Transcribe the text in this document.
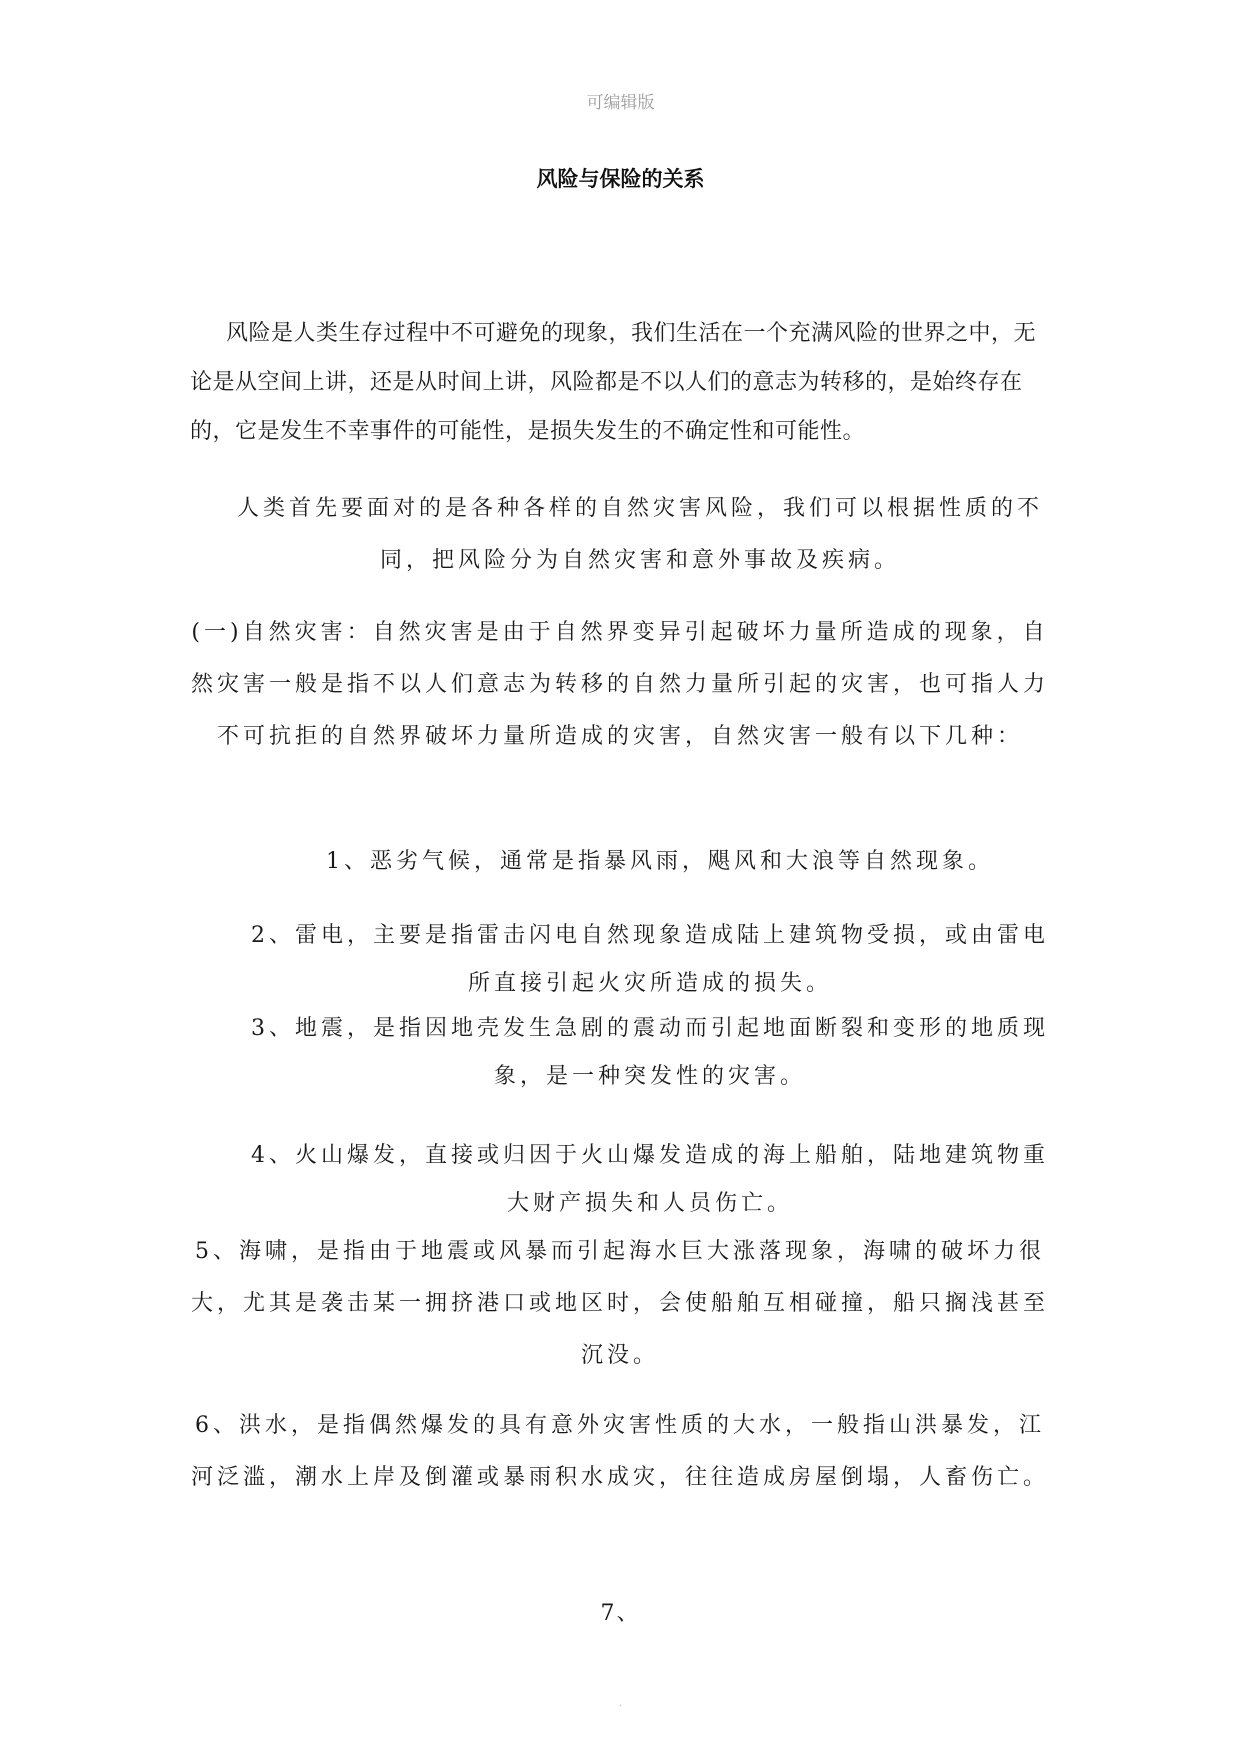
可编辑版
风险与保险的关系

风险是人类生存过程中不可避免的现象，我们生活在一个充满风险的世界之中，无论是从空间上讲，还是从时间上讲，风险都是不以人们的意志为转移的，是始终存在的，它是发生不幸事件的可能性，是损失发生的不确定性和可能性。

人类首先要面对的是各种各样的自然灾害风险，我们可以根据性质的不同，把风险分为自然灾害和意外事故及疾病。

(一)自然灾害：自然灾害是由于自然界变异引起破坏力量所造成的现象，自然灾害一般是指不以人们意志为转移的自然力量所引起的灾害，也可指人力不可抗拒的自然界破坏力量所造成的灾害，自然灾害一般有以下几种：

1、恶劣气候，通常是指暴风雨，飓风和大浪等自然现象。

2、雷电，主要是指雷击闪电自然现象造成陆上建筑物受损，或由雷电所直接引起火灾所造成的损失。

3、地震，是指因地壳发生急剧的震动而引起地面断裂和变形的地质现象，是一种突发性的灾害。

4、火山爆发，直接或归因于火山爆发造成的海上船舶，陆地建筑物重大财产损失和人员伤亡。

5、海啸，是指由于地震或风暴而引起海水巨大涨落现象，海啸的破坏力很大，尤其是袭击某一拥挤港口或地区时，会使船舶互相碰撞，船只搁浅甚至沉没。

6、洪水，是指偶然爆发的具有意外灾害性质的大水，一般指山洪暴发，江河泛滥，潮水上岸及倒灌或暴雨积水成灾，往往造成房屋倒塌，人畜伤亡。

7、

.
